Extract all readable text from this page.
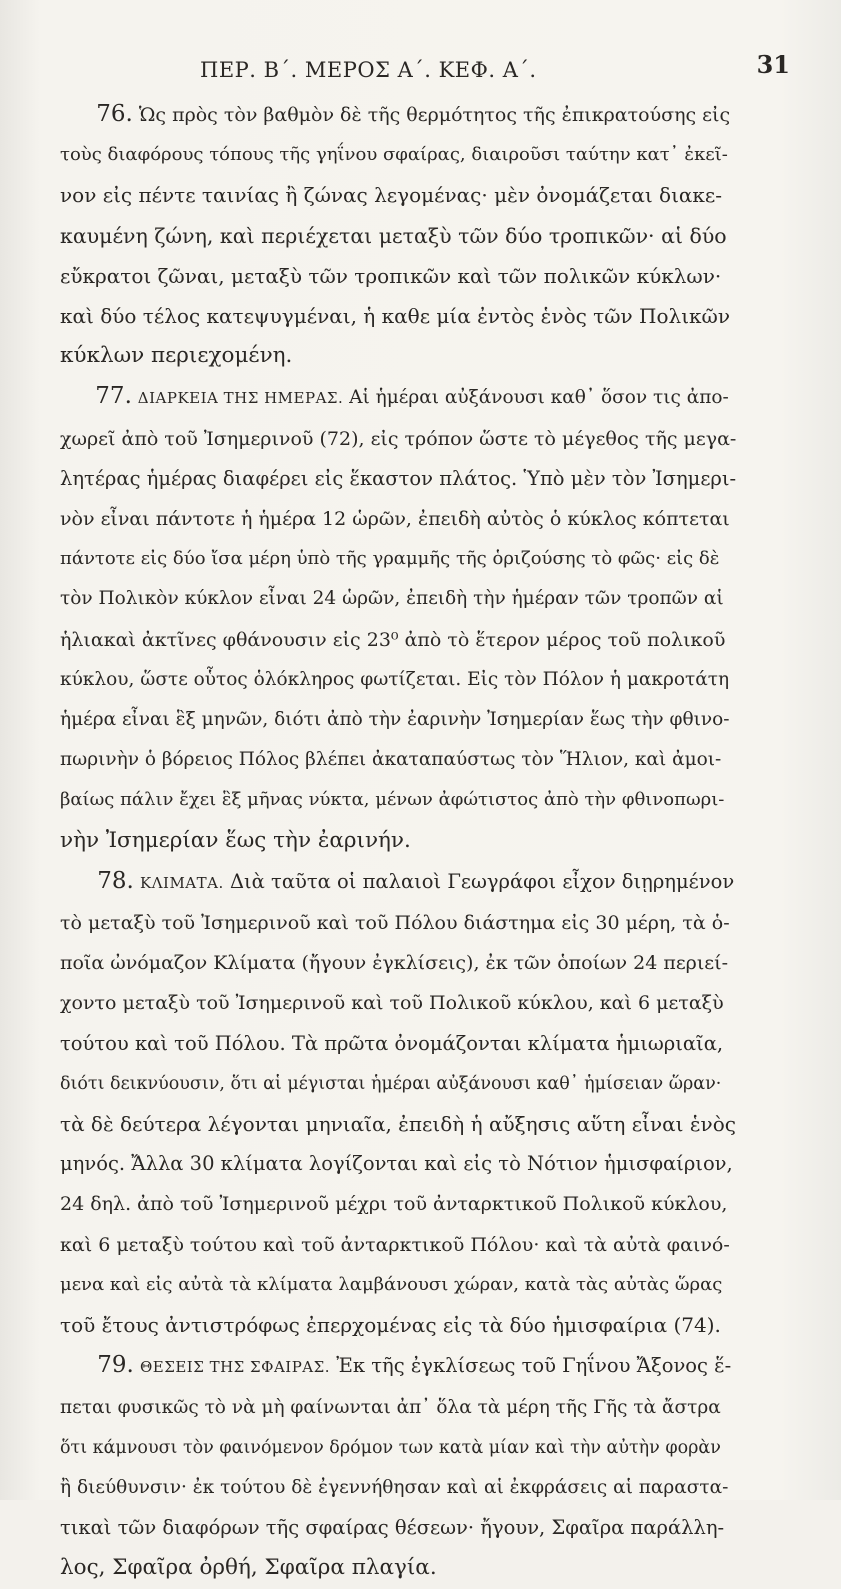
ΠΕΡ. Β΄. ΜΕΡΟΣ Α΄. ΚΕΦ. Α΄.	31
76. Ὡς πρὸς τὸν βαθμὸν δὲ τῆς θερμότητος τῆς ἐπικρατούσης εἰς
τοὺς διαφόρους τόπους τῆς γηΐνου σφαίρας, διαιροῦσι ταύτην κατ᾿ ἐκεῖ-
νον εἰς πέντε ταινίας ἢ ζώνας λεγομένας· μὲν ὀνομάζεται διακε-
καυμένη ζώνη, καὶ περιέχεται μεταξὺ τῶν δύο τροπικῶν· αἱ δύο
εὔκρατοι ζῶναι, μεταξὺ τῶν τροπικῶν καὶ τῶν πολικῶν κύκλων·
καὶ δύο τέλος κατεψυγμέναι, ἡ καθε μία ἐντὸς ἑνὸς τῶν Πολικῶν
κύκλων περιεχομένη.
77. ΔΙΑΡΚΕΙΑ ΤΗΣ ΗΜΕΡΑΣ. Αἱ ἡμέραι αὐξάνουσι καθ᾿ ὅσον τις ἀπο-
χωρεῖ ἀπὸ τοῦ Ἰσημερινοῦ (72), εἰς τρόπον ὥστε τὸ μέγεθος τῆς μεγα-
λητέρας ἡμέρας διαφέρει εἰς ἕκαστον πλάτος. Ὑπὸ μὲν τὸν Ἰσημερι-
νὸν εἶναι πάντοτε ἡ ἡμέρα 12 ὡρῶν, ἐπειδὴ αὐτὸς ὁ κύκλος κόπτεται
πάντοτε εἰς δύο ἴσα μέρη ὑπὸ τῆς γραμμῆς τῆς ὁριζούσης τὸ φῶς· εἰς δὲ
τὸν Πολικὸν κύκλον εἶναι 24 ὡρῶν, ἐπειδὴ τὴν ἡμέραν τῶν τροπῶν αἱ
ἡλιακαὶ ἀκτῖνες φθάνουσιν εἰς 23⁰ ἀπὸ τὸ ἕτερον μέρος τοῦ πολικοῦ
κύκλου, ὥστε οὗτος ὁλόκληρος φωτίζεται. Εἰς τὸν Πόλον ἡ μακροτάτη
ἡμέρα εἶναι ἓξ μηνῶν, διότι ἀπὸ τὴν ἐαρινὴν Ἰσημερίαν ἕως τὴν φθινο-
πωρινὴν ὁ βόρειος Πόλος βλέπει ἀκαταπαύστως τὸν Ἥλιον, καὶ ἀμοι-
βαίως πάλιν ἔχει ἓξ μῆνας νύκτα, μένων ἀφώτιστος ἀπὸ τὴν φθινοπωρι-
νὴν Ἰσημερίαν ἕως τὴν ἐαρινήν.
78. ΚΛΙΜΑΤΑ. Διὰ ταῦτα οἱ παλαιοὶ Γεωγράφοι εἶχον διῃρημένον
τὸ μεταξὺ τοῦ Ἰσημερινοῦ καὶ τοῦ Πόλου διάστημα εἰς 30 μέρη, τὰ ὁ-
ποῖα ὠνόμαζον Κλίματα (ἤγουν ἐγκλίσεις), ἐκ τῶν ὁποίων 24 περιεί-
χοντο μεταξὺ τοῦ Ἰσημερινοῦ καὶ τοῦ Πολικοῦ κύκλου, καὶ 6 μεταξὺ
τούτου καὶ τοῦ Πόλου. Τὰ πρῶτα ὀνομάζονται κλίματα ἡμιωριαῖα,
διότι δεικνύουσιν, ὅτι αἱ μέγισται ἡμέραι αὐξάνουσι καθ᾿ ἡμίσειαν ὥραν·
τὰ δὲ δεύτερα λέγονται μηνιαῖα, ἐπειδὴ ἡ αὔξησις αὕτη εἶναι ἑνὸς
μηνός. Ἄλλα 30 κλίματα λογίζονται καὶ εἰς τὸ Νότιον ἡμισφαίριον,
24 δηλ. ἀπὸ τοῦ Ἰσημερινοῦ μέχρι τοῦ ἀνταρκτικοῦ Πολικοῦ κύκλου,
καὶ 6 μεταξὺ τούτου καὶ τοῦ ἀνταρκτικοῦ Πόλου· καὶ τὰ αὐτὰ φαινό-
μενα καὶ εἰς αὐτὰ τὰ κλίματα λαμβάνουσι χώραν, κατὰ τὰς αὐτὰς ὥρας
τοῦ ἔτους ἀντιστρόφως ἐπερχομένας εἰς τὰ δύο ἡμισφαίρια (74).
79. ΘΕΣΕΙΣ ΤΗΣ ΣΦΑΙΡΑΣ. Ἐκ τῆς ἐγκλίσεως τοῦ Γηΐνου Ἄξονος ἕ-
πεται φυσικῶς τὸ νὰ μὴ φαίνωνται ἀπ᾿ ὅλα τὰ μέρη τῆς Γῆς τὰ ἄστρα
ὅτι κάμνουσι τὸν φαινόμενον δρόμον των κατὰ μίαν καὶ τὴν αὐτὴν φορὰν
ἢ διεύθυνσιν· ἐκ τούτου δὲ ἐγεννήθησαν καὶ αἱ ἐκφράσεις αἱ παραστα-
τικαὶ τῶν διαφόρων τῆς σφαίρας θέσεων· ἤγουν, Σφαῖρα παράλλη-
λος, Σφαῖρα ὀρθή, Σφαῖρα πλαγία.
